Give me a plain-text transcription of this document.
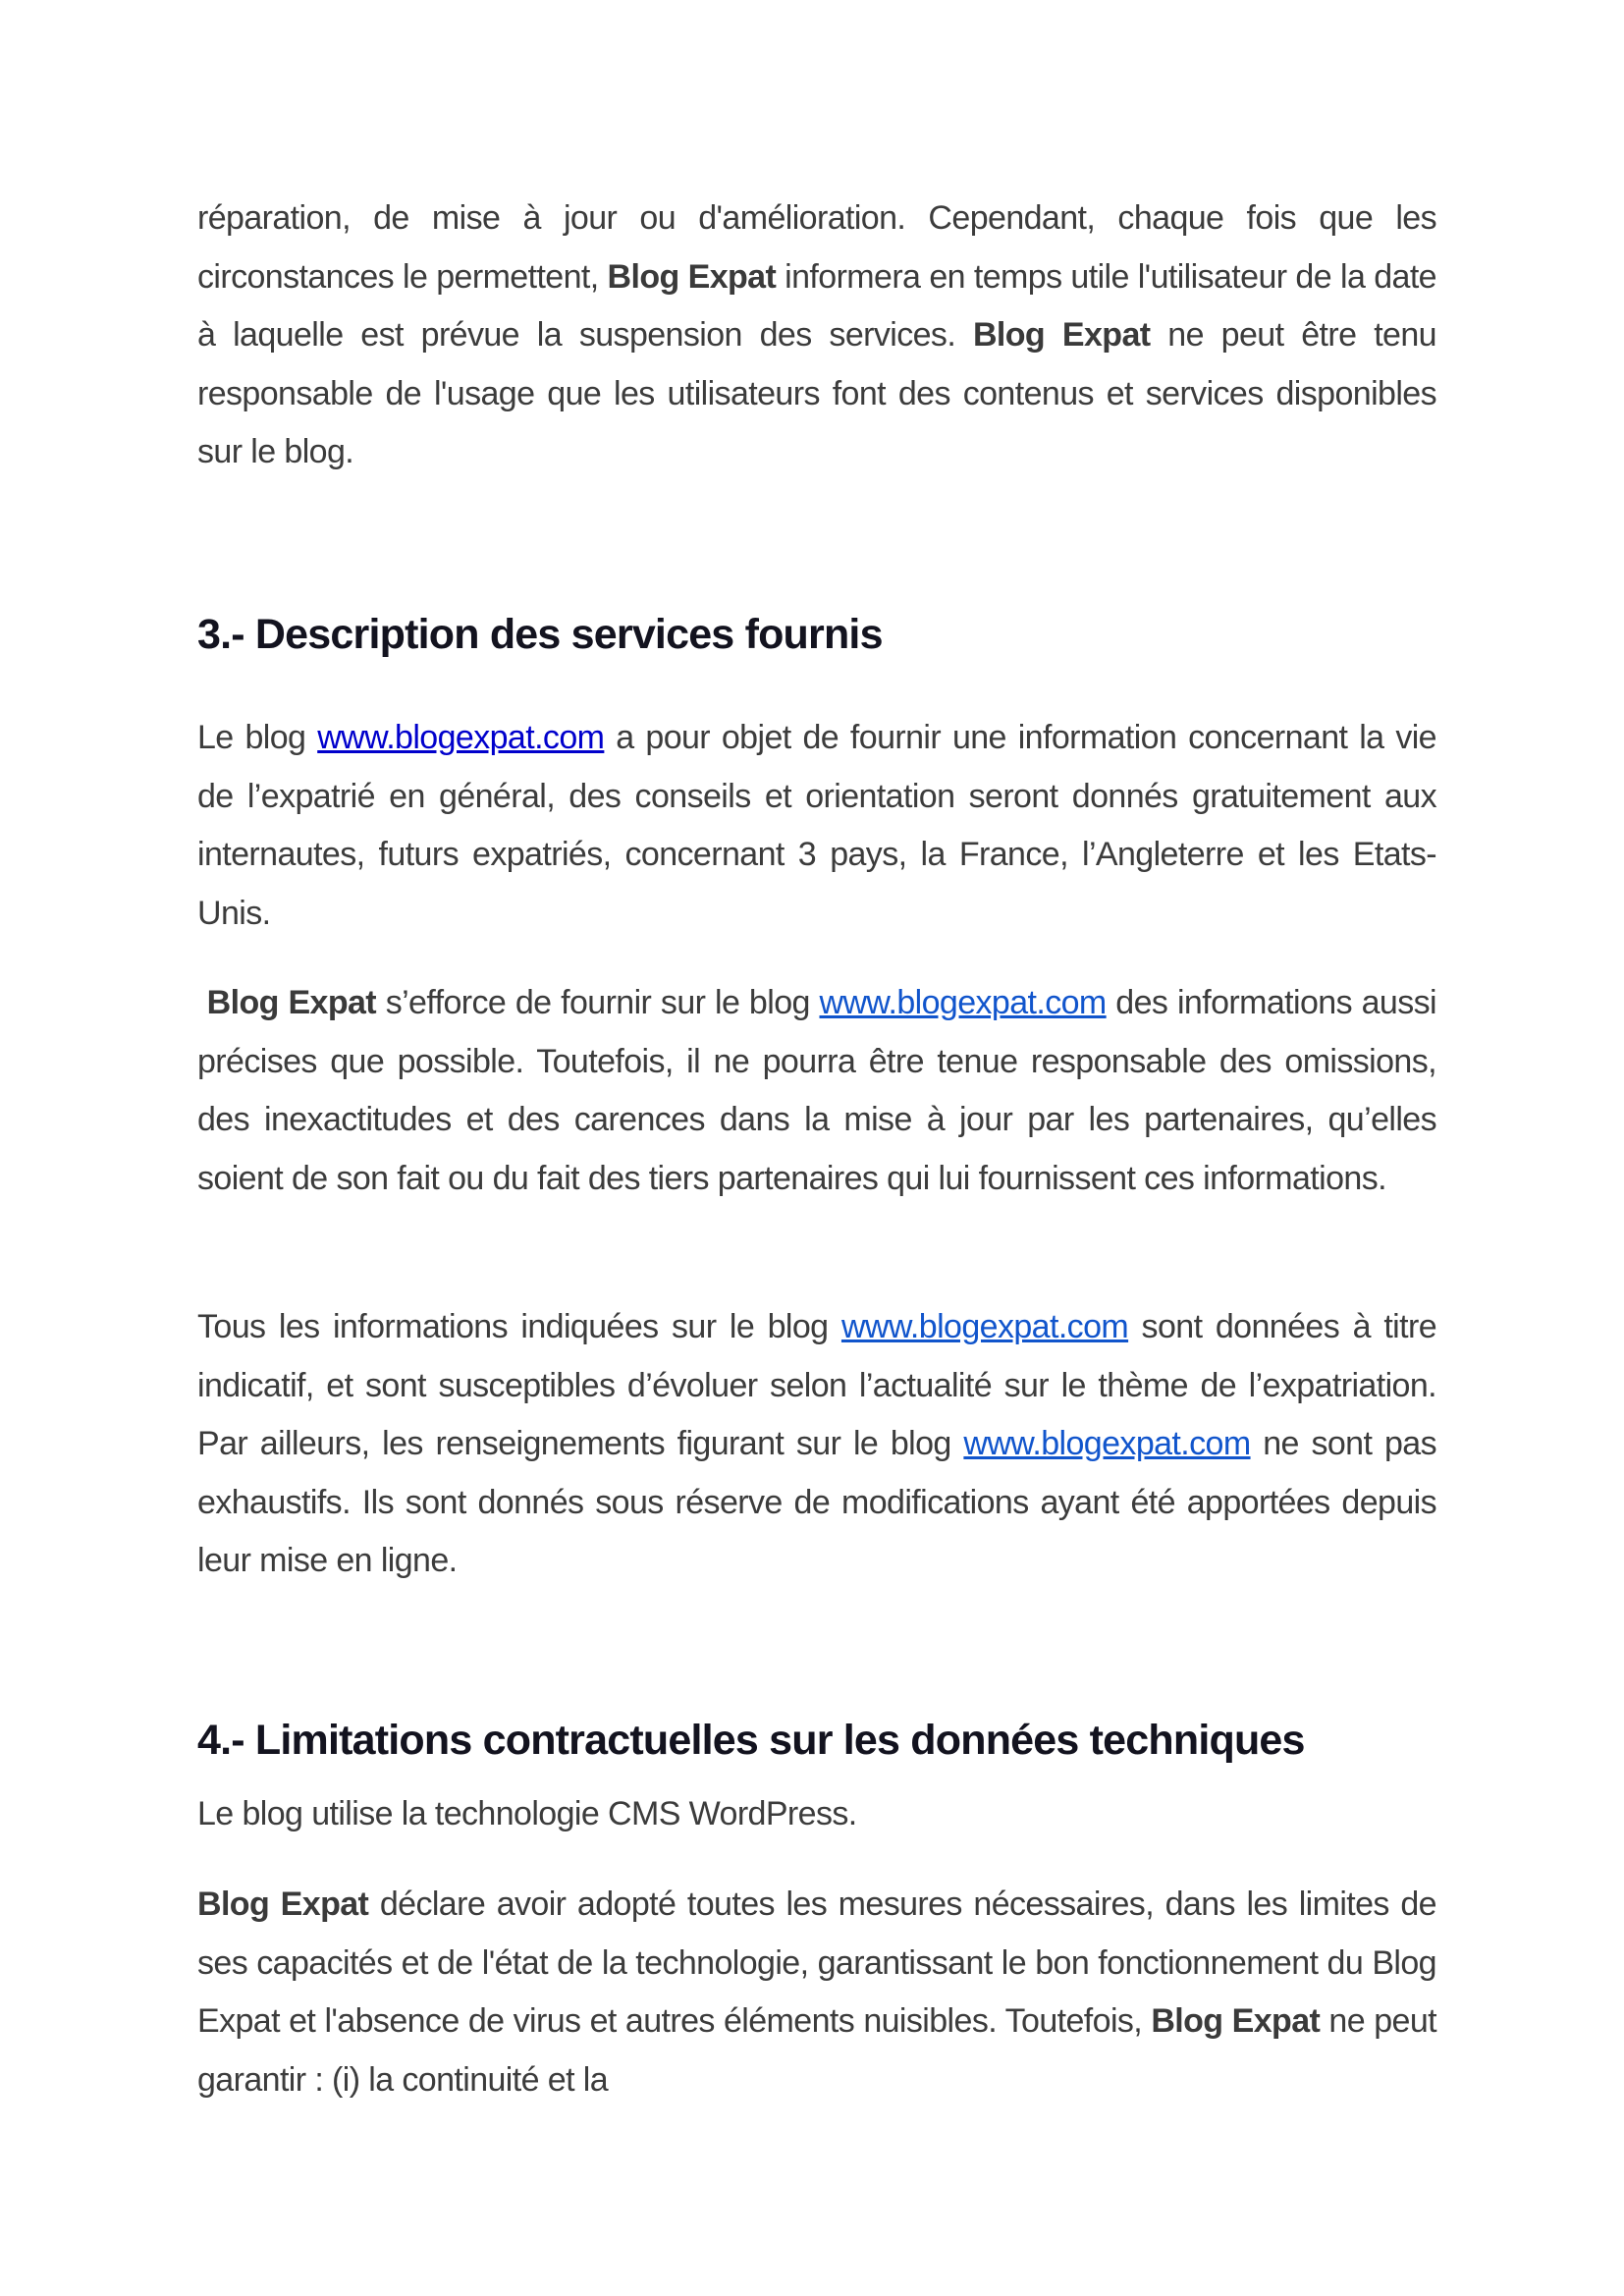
réparation, de mise à jour ou d'amélioration. Cependant, chaque fois que les circonstances le permettent, Blog Expat informera en temps utile l'utilisateur de la date à laquelle est prévue la suspension des services. Blog Expat ne peut être tenu responsable de l'usage que les utilisateurs font des contenus et services disponibles sur le blog.

3.- Description des services fournis

Le blog www.blogexpat.com a pour objet de fournir une information concernant la vie de l’expatrié en général, des conseils et orientation seront donnés gratuitement aux internautes, futurs expatriés, concernant 3 pays, la France, l’Angleterre et les Etats-Unis.

Blog Expat s’efforce de fournir sur le blog www.blogexpat.com des informations aussi précises que possible. Toutefois, il ne pourra être tenue responsable des omissions, des inexactitudes et des carences dans la mise à jour par les partenaires, qu’elles soient de son fait ou du fait des tiers partenaires qui lui fournissent ces informations.

Tous les informations indiquées sur le blog www.blogexpat.com sont données à titre indicatif, et sont susceptibles d’évoluer selon l’actualité sur le thème de l’expatriation. Par ailleurs, les renseignements figurant sur le blog www.blogexpat.com ne sont pas exhaustifs. Ils sont donnés sous réserve de modifications ayant été apportées depuis leur mise en ligne.

4.- Limitations contractuelles sur les données techniques

Le blog utilise la technologie CMS WordPress.

Blog Expat déclare avoir adopté toutes les mesures nécessaires, dans les limites de ses capacités et de l'état de la technologie, garantissant le bon fonctionnement du Blog Expat et l'absence de virus et autres éléments nuisibles. Toutefois, Blog Expat ne peut garantir : (i) la continuité et la
